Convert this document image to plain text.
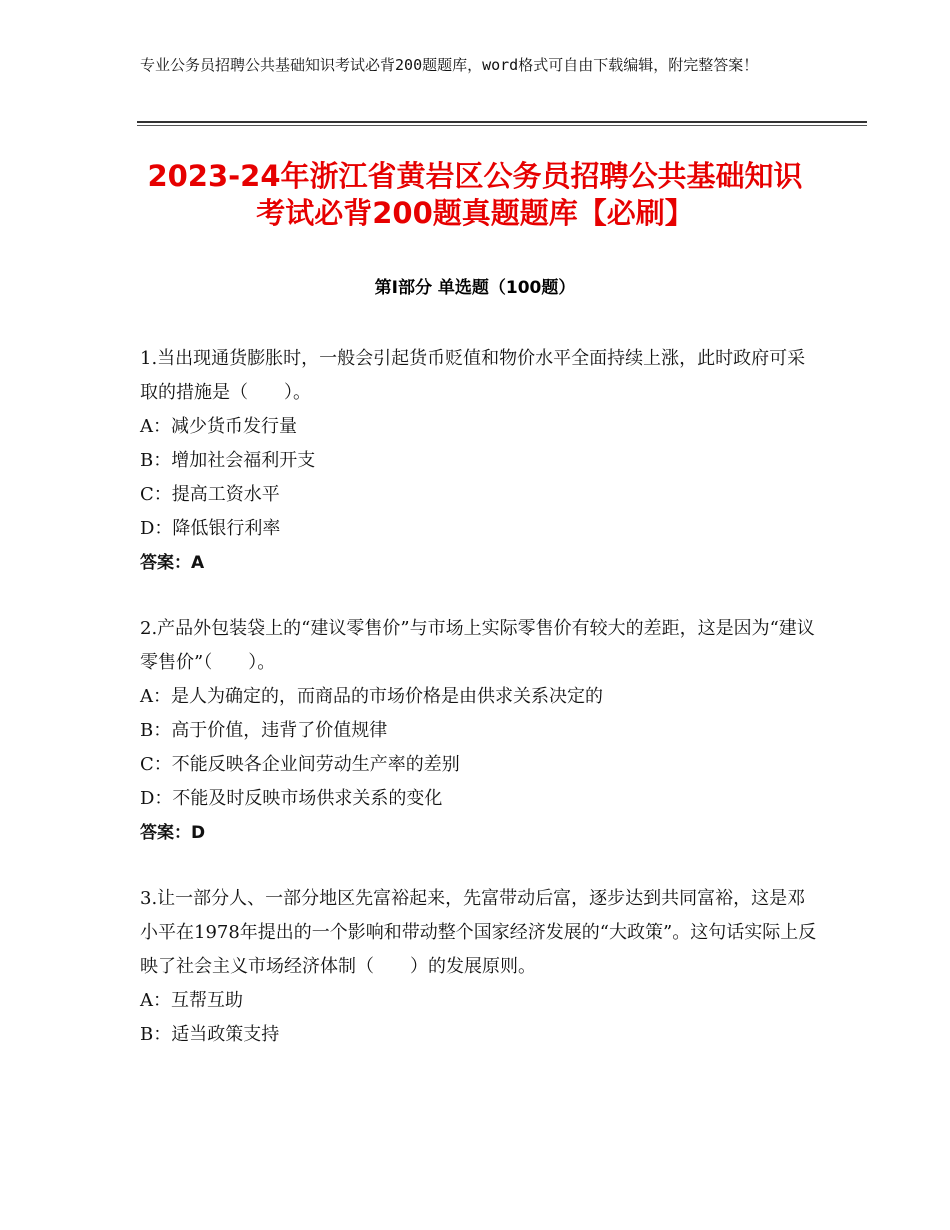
专业公务员招聘公共基础知识考试必背200题题库，word格式可自由下载编辑，附完整答案！
2023-24年浙江省黄岩区公务员招聘公共基础知识考试必背200题真题题库【必刷】
第Ⅰ部分 单选题（100题）

1.当出现通货膨胀时，一般会引起货币贬值和物价水平全面持续上涨，此时政府可采取的措施是（　　）。

A：减少货币发行量

B：增加社会福利开支

C：提高工资水平

D：降低银行利率

答案：A

2.产品外包装袋上的“建议零售价”与市场上实际零售价有较大的差距，这是因为“建议零售价”（　　）。

A：是人为确定的，而商品的市场价格是由供求关系决定的

B：高于价值，违背了价值规律

C：不能反映各企业间劳动生产率的差别

D：不能及时反映市场供求关系的变化

答案：D

3.让一部分人、一部分地区先富裕起来，先富带动后富，逐步达到共同富裕，这是邓小平在1978年提出的一个影响和带动整个国家经济发展的“大政策”。这句话实际上反映了社会主义市场经济体制（　　）的发展原则。

A：互帮互助

B：适当政策支持
